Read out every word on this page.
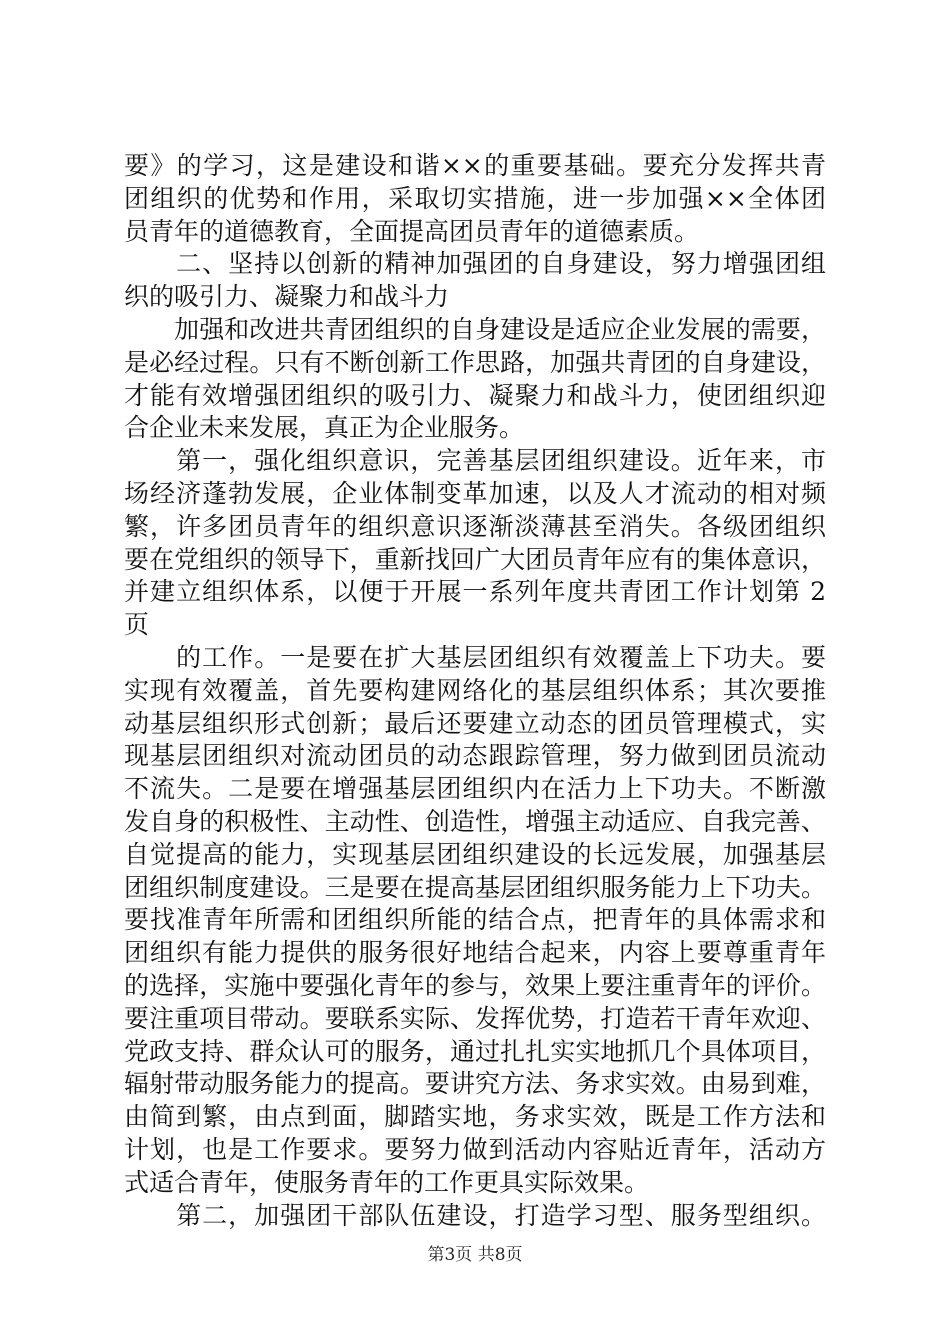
要》的学习，这是建设和谐××的重要基础。要充分发挥共青
团组织的优势和作用，采取切实措施，进一步加强××全体团
员青年的道德教育，全面提高团员青年的道德素质。
　　二、坚持以创新的精神加强团的自身建设，努力增强团组
织的吸引力、凝聚力和战斗力
　　加强和改进共青团组织的自身建设是适应企业发展的需要，
是必经过程。只有不断创新工作思路，加强共青团的自身建设，
才能有效增强团组织的吸引力、凝聚力和战斗力，使团组织迎
合企业未来发展，真正为企业服务。
　　第一，强化组织意识，完善基层团组织建设。近年来，市
场经济蓬勃发展，企业体制变革加速，以及人才流动的相对频
繁，许多团员青年的组织意识逐渐淡薄甚至消失。各级团组织
要在党组织的领导下，重新找回广大团员青年应有的集体意识，
并建立组织体系，以便于开展一系列年度共青团工作计划第 2
页
　　的工作。一是要在扩大基层团组织有效覆盖上下功夫。要
实现有效覆盖，首先要构建网络化的基层组织体系；其次要推
动基层组织形式创新；最后还要建立动态的团员管理模式，实
现基层团组织对流动团员的动态跟踪管理，努力做到团员流动
不流失。二是要在增强基层团组织内在活力上下功夫。不断激
发自身的积极性、主动性、创造性，增强主动适应、自我完善、
自觉提高的能力，实现基层团组织建设的长远发展，加强基层
团组织制度建设。三是要在提高基层团组织服务能力上下功夫。
要找准青年所需和团组织所能的结合点，把青年的具体需求和
团组织有能力提供的服务很好地结合起来，内容上要尊重青年
的选择，实施中要强化青年的参与，效果上要注重青年的评价。
要注重项目带动。要联系实际、发挥优势，打造若干青年欢迎、
党政支持、群众认可的服务，通过扎扎实实地抓几个具体项目，
辐射带动服务能力的提高。要讲究方法、务求实效。由易到难，
由简到繁，由点到面，脚踏实地，务求实效，既是工作方法和
计划，也是工作要求。要努力做到活动内容贴近青年，活动方
式适合青年，使服务青年的工作更具实际效果。
　　第二，加强团干部队伍建设，打造学习型、服务型组织。
第3页 共8页
